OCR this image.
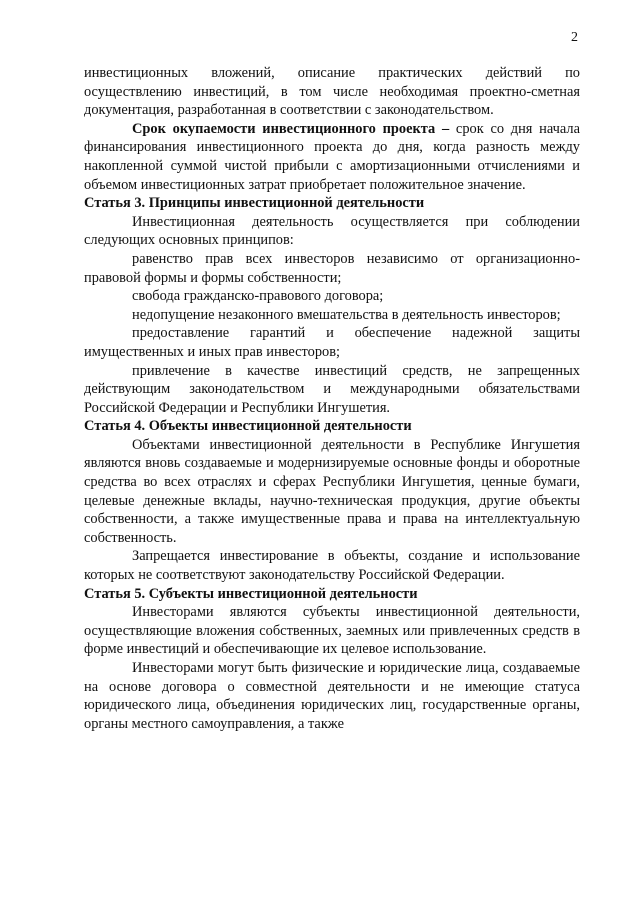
2

инвестиционных вложений, описание практических действий по осуществлению инвестиций, в том числе необходимая проектно-сметная документация, разработанная в соответствии с законодательством.

Срок окупаемости инвестиционного проекта – срок со дня начала финансирования инвестиционного проекта до дня, когда разность между накопленной суммой чистой прибыли с амортизационными отчислениями и объемом инвестиционных затрат приобретает положительное значение.

Статья 3. Принципы инвестиционной деятельности

Инвестиционная деятельность осуществляется при соблюдении следующих основных принципов:

равенство прав всех инвесторов независимо от организационно-правовой формы и формы собственности;

свобода гражданско-правового договора;

недопущение незаконного вмешательства в деятельность инвесторов;

предоставление гарантий и обеспечение надежной защиты имущественных и иных прав инвесторов;

привлечение в качестве инвестиций средств, не запрещенных действующим законодательством и международными обязательствами Российской Федерации и Республики Ингушетия.

Статья 4. Объекты инвестиционной деятельности

Объектами инвестиционной деятельности в Республике Ингушетия являются вновь создаваемые и модернизируемые основные фонды и оборотные средства во всех отраслях и сферах Республики Ингушетия, ценные бумаги, целевые денежные вклады, научно-техническая продукция, другие объекты собственности, а также имущественные права и права на интеллектуальную собственность.

Запрещается инвестирование в объекты, создание и использование которых не соответствуют законодательству Российской Федерации.

Статья 5. Субъекты инвестиционной деятельности

Инвесторами являются субъекты инвестиционной деятельности, осуществляющие вложения собственных, заемных или привлеченных средств в форме инвестиций и обеспечивающие их целевое использование.

Инвесторами могут быть физические и юридические лица, создаваемые на основе договора о совместной деятельности и не имеющие статуса юридического лица, объединения юридических лиц, государственные органы, органы местного самоуправления, а также
